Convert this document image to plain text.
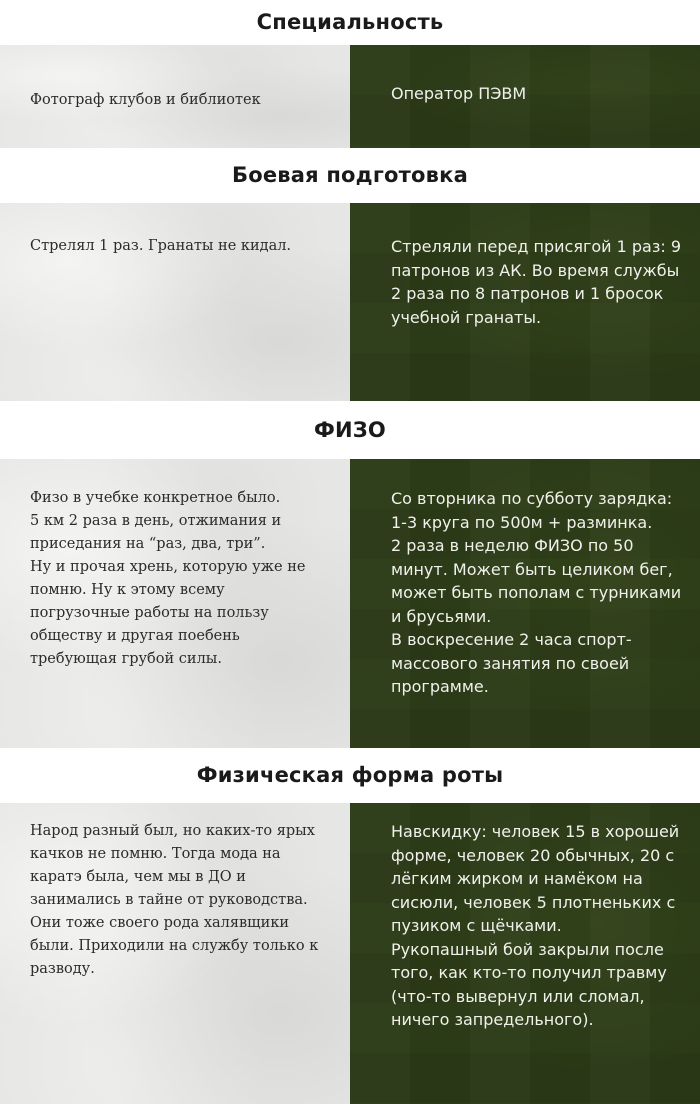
Специальность
Фотограф клубов и библиотек	Оператор ПЭВМ
Боевая подготовка
Стрелял 1 раз. Гранаты не кидал.	Стреляли перед присягой 1 раз: 9 патронов из АК. Во время службы 2 раза по 8 патронов и 1 бросок учебной гранаты.
ФИЗО
Физо в учебке конкретное было.
5 км 2 раза в день, отжимания и приседания на “раз, два, три”.
Ну и прочая хрень, которую уже не помню. Ну к этому всему погрузочные работы на пользу обществу и другая поебень требующая грубой силы.
Со вторника по субботу зарядка: 1-3 круга по 500м + разминка.
2 раза в неделю ФИЗО по 50 минут. Может быть целиком бег, может быть пополам с турниками и брусьями.
В воскресение 2 часа спорт-массового занятия по своей программе.
Физическая форма роты
Народ разный был, но каких-то ярых качков не помню. Тогда мода на каратэ была, чем мы в ДО и занимались в тайне от руководства. Они тоже своего рода халявщики были. Приходили на службу только к разводу.
Навскидку: человек 15 в хорошей форме, человек 20 обычных, 20 с лёгким жирком и намёком на сисюли, человек 5 плотненьких с пузиком с щёчками.
Рукопашный бой закрыли после того, как кто-то получил травму (что-то вывернул или сломал, ничего запредельного).
